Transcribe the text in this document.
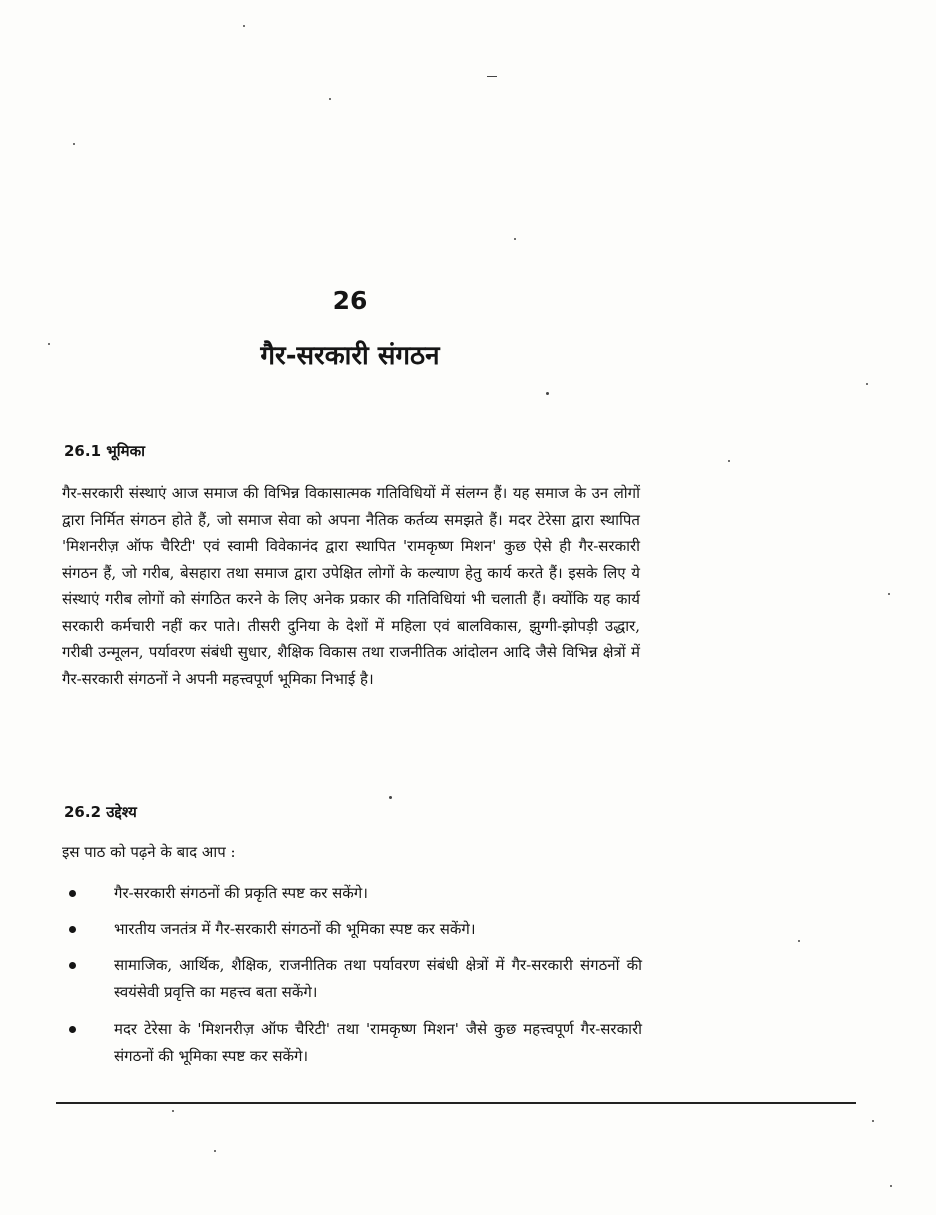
26
गैर-सरकारी संगठन
26.1 भूमिका

गैर-सरकारी संस्थाएं आज समाज की विभिन्न विकासात्मक गतिविधियों में संलग्न हैं। यह समाज के उन लोगों द्वारा निर्मित संगठन होते हैं, जो समाज सेवा को अपना नैतिक कर्तव्य समझते हैं। मदर टेरेसा द्वारा स्थापित 'मिशनरीज़ ऑफ चैरिटी' एवं स्वामी विवेकानंद द्वारा स्थापित 'रामकृष्ण मिशन' कुछ ऐसे ही गैर-सरकारी संगठन हैं, जो गरीब, बेसहारा तथा समाज द्वारा उपेक्षित लोगों के कल्याण हेतु कार्य करते हैं। इसके लिए ये संस्थाएं गरीब लोगों को संगठित करने के लिए अनेक प्रकार की गतिविधियां भी चलाती हैं। क्योंकि यह कार्य सरकारी कर्मचारी नहीं कर पाते। तीसरी दुनिया के देशों में महिला एवं बालविकास, झुग्गी-झोपड़ी उद्धार, गरीबी उन्मूलन, पर्यावरण संबंधी सुधार, शैक्षिक विकास तथा राजनीतिक आंदोलन आदि जैसे विभिन्न क्षेत्रों में गैर-सरकारी संगठनों ने अपनी महत्त्वपूर्ण भूमिका निभाई है।

26.2 उद्देश्य

इस पाठ को पढ़ने के बाद आप :

गैर-सरकारी संगठनों की प्रकृति स्पष्ट कर सकेंगे।
भारतीय जनतंत्र में गैर-सरकारी संगठनों की भूमिका स्पष्ट कर सकेंगे।
सामाजिक, आर्थिक, शैक्षिक, राजनीतिक तथा पर्यावरण संबंधी क्षेत्रों में गैर-सरकारी संगठनों की स्वयंसेवी प्रवृत्ति का महत्त्व बता सकेंगे।
मदर टेरेसा के 'मिशनरीज़ ऑफ चैरिटी' तथा 'रामकृष्ण मिशन' जैसे कुछ महत्त्वपूर्ण गैर-सरकारी संगठनों की भूमिका स्पष्ट कर सकेंगे।
